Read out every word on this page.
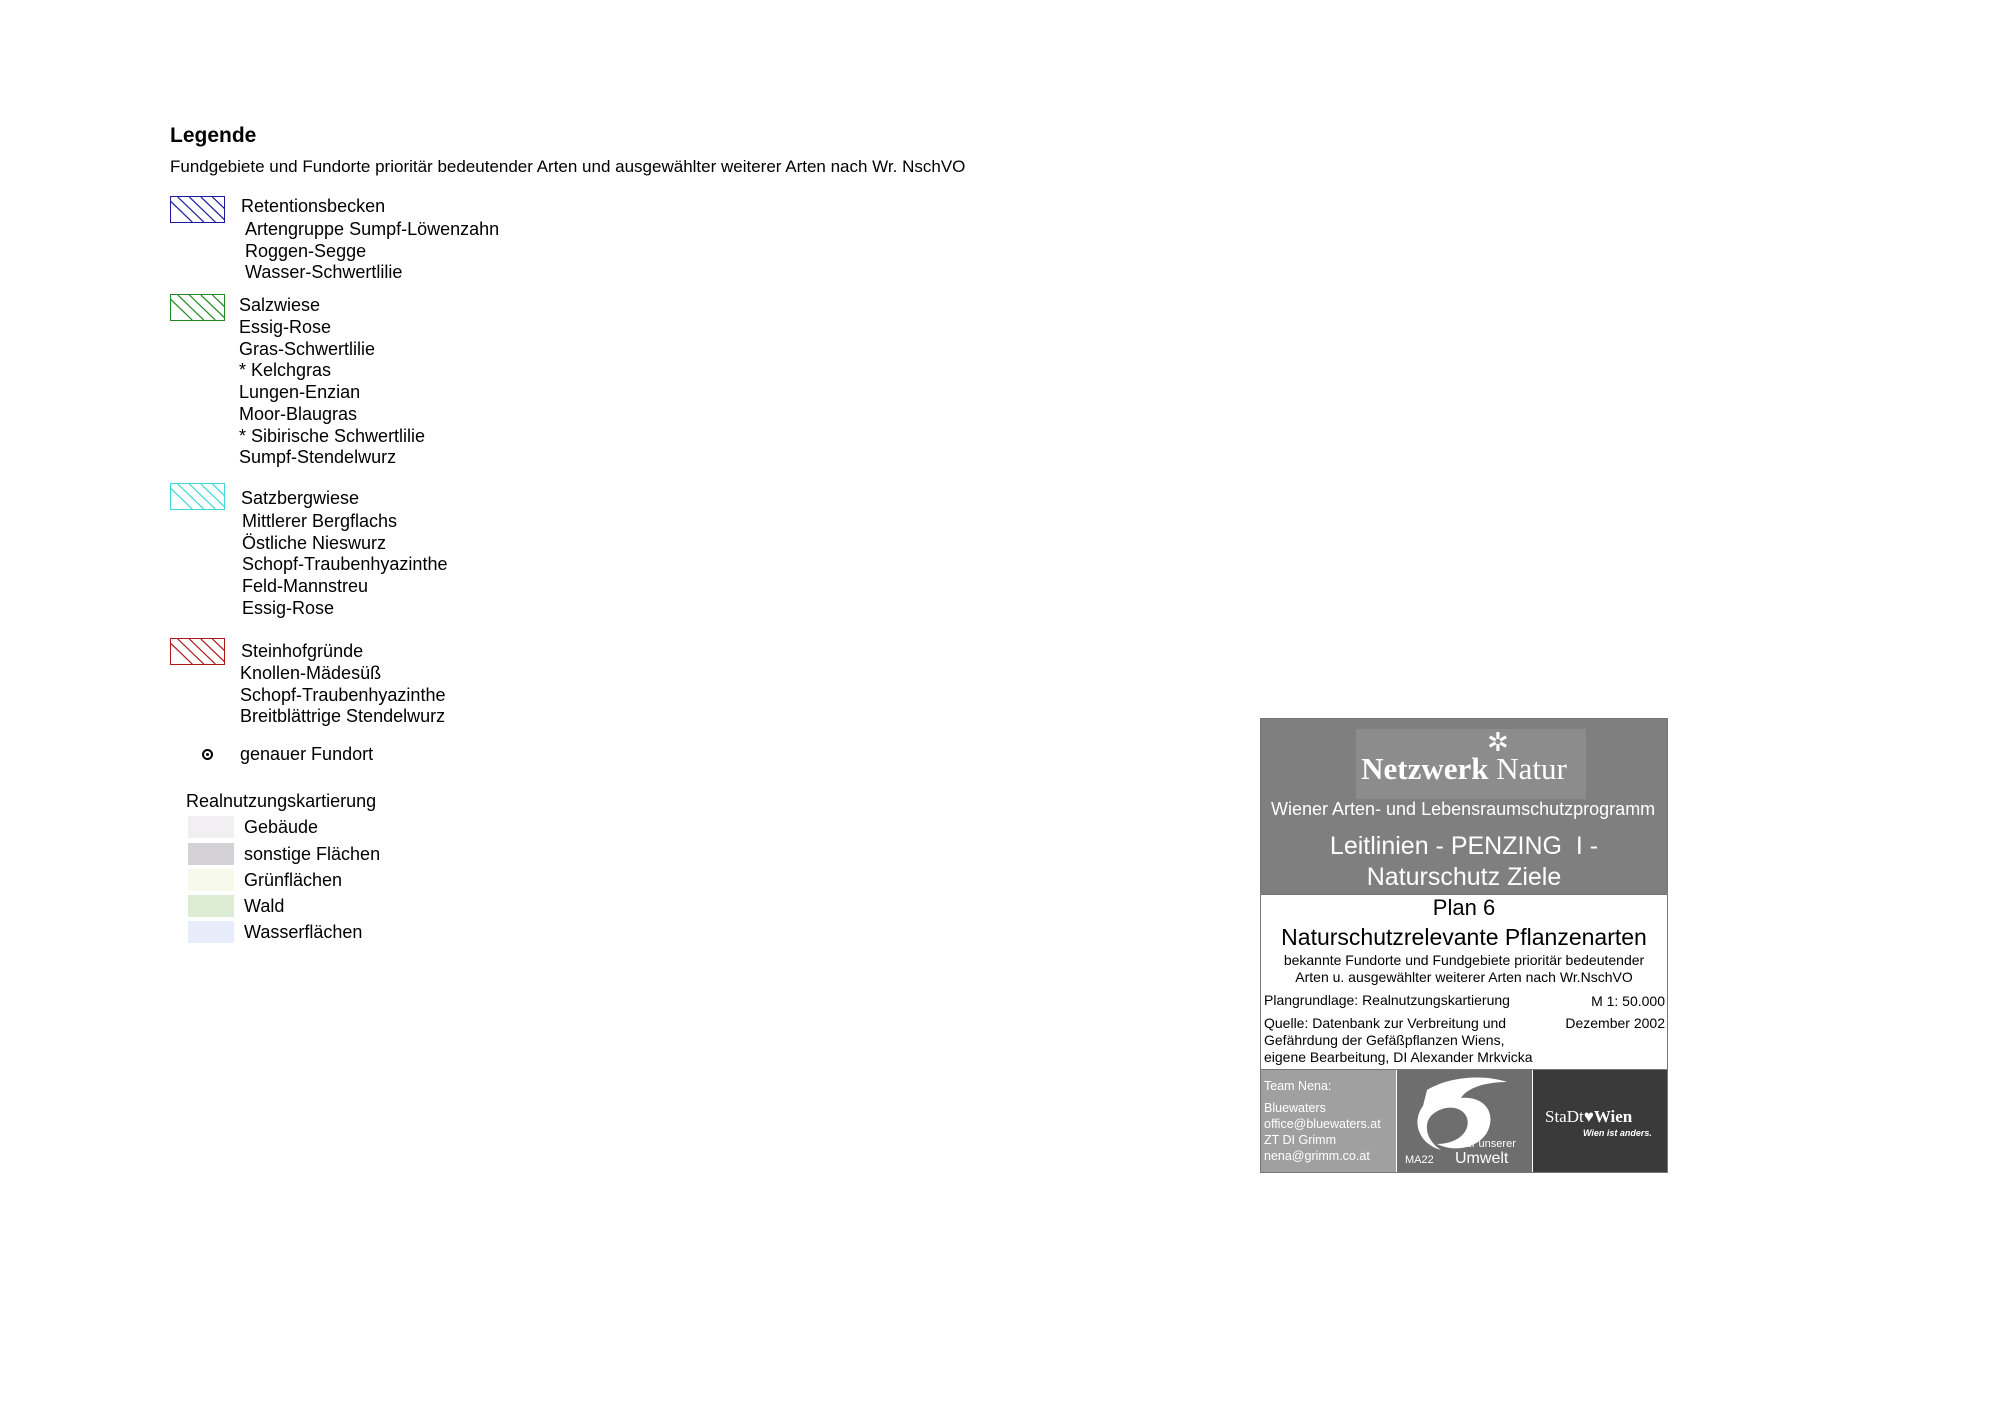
Legende
Fundgebiete und Fundorte prioritär bedeutender Arten und ausgewählter weiterer Arten nach Wr. NschVO
Retentionsbecken
Artengruppe Sumpf-Löwenzahn
Roggen-Segge
Wasser-Schwertlilie
Salzwiese
Essig-Rose
Gras-Schwertlilie
* Kelchgras
Lungen-Enzian
Moor-Blaugras
* Sibirische Schwertlilie
Sumpf-Stendelwurz
Satzbergwiese
Mittlerer Bergflachs
Östliche Nieswurz
Schopf-Traubenhyazinthe
Feld-Mannstreu
Essig-Rose
Steinhofgründe
Knollen-Mädesüß
Schopf-Traubenhyazinthe
Breitblättrige Stendelwurz
genauer Fundort
Realnutzungskartierung
Gebäude
sonstige Flächen
Grünflächen
Wald
Wasserflächen
✲
Netzwerk Natur
Wiener Arten- und Lebensraumschutzprogramm
Leitlinien - PENZING  I -
Naturschutz Ziele
Plan 6
Naturschutzrelevante Pflanzenarten
bekannte Fundorte und Fundgebiete prioritär bedeutender
Arten u. ausgewählter weiterer Arten nach Wr.NschVO
Plangrundlage: Realnutzungskartierung	M 1: 50.000
Quelle: Datenbank zur Verbreitung und
Gefährdung der Gefäßpflanzen Wiens,
eigene Bearbeitung, DI Alexander Mrkvicka
Dezember 2002
Team Nena:
Bluewaters
office@bluewaters.at
ZT DI Grimm
nena@grimm.co.at	MA22
Für unserer
Umwelt
StaDt♥Wien
Wien ist anders.
